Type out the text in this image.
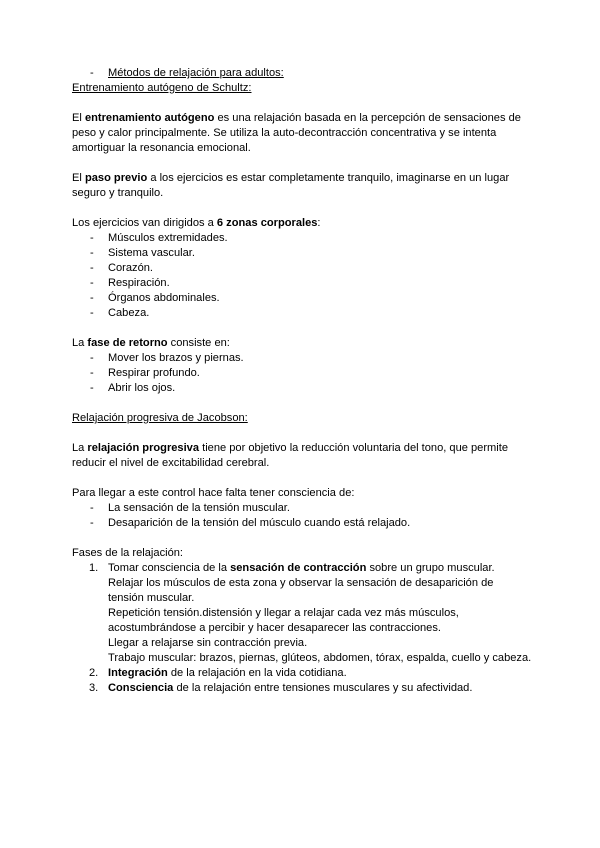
- Métodos de relajación para adultos:

Entrenamiento autógeno de Schultz:

El entrenamiento autógeno es una relajación basada en la percepción de sensaciones de peso y calor principalmente. Se utiliza la auto-decontracción concentrativa y se intenta amortiguar la resonancia emocional.

El paso previo a los ejercicios es estar completamente tranquilo, imaginarse en un lugar seguro y tranquilo.

Los ejercicios van dirigidos a 6 zonas corporales:

- Músculos extremidades.
- Sistema vascular.
- Corazón.
- Respiración.
- Órganos abdominales.
- Cabeza.

La fase de retorno consiste en:

- Mover los brazos y piernas.
- Respirar profundo.
- Abrir los ojos.

Relajación progresiva de Jacobson:

La relajación progresiva tiene por objetivo la reducción voluntaria del tono, que permite reducir el nivel de excitabilidad cerebral.

Para llegar a este control hace falta tener consciencia de:

- La sensación de la tensión muscular.
- Desaparición de la tensión del músculo cuando está relajado.

Fases de la relajación:

1. Tomar consciencia de la sensación de contracción sobre un grupo muscular.
Relajar los músculos de esta zona y observar la sensación de desaparición de tensión muscular.
Repetición tensión.distensión y llegar a relajar cada vez más músculos, acostumbrándose a percibir y hacer desaparecer las contracciones.
Llegar a relajarse sin contracción previa.
Trabajo muscular: brazos, piernas, glúteos, abdomen, tórax, espalda, cuello y cabeza.
2. Integración de la relajación en la vida cotidiana.
3. Consciencia de la relajación entre tensiones musculares y su afectividad.
